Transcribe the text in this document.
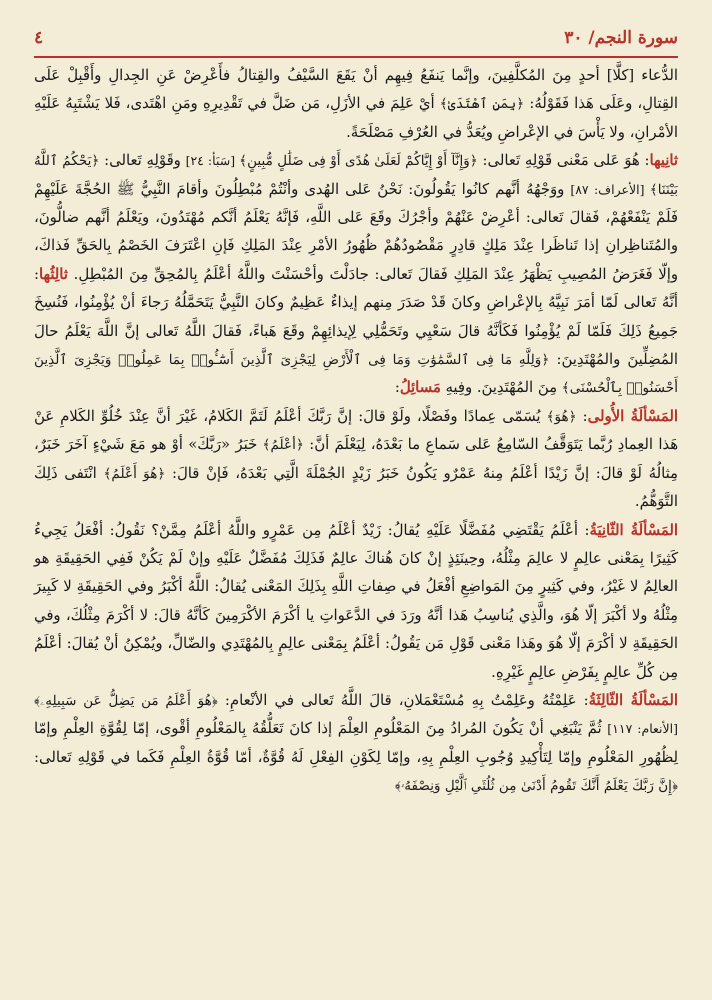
سورة النجم/ ٣٠
٤

الدُّعاء [كلَّا] أحدٍ مِنَ المُكلَّفِينَ، وإنَّما يَنفَعُ فِيهِم أنْ يَقَعَ السَّيْفُ والقِتالُ فأَعْرِضْ عَنِ الجِدالِ وأَقْبِلْ عَلَى القِتالِ، وعَلَى هَذا فَقَوْلُهُ: ﴿بِمَنِ ٱهْتَدَىٰ﴾ أيْ عَلِمَ في الأزَلِ، مَن ضَلَّ في تَقْدِيرِهِ ومَنِ اهْتَدى، فَلا يَشْتَبِهُ عَلَيْهِ الأمْرانِ، ولا يَأْسَ في الإعْراضِ ويُعَدُّ في العُرْفِ مَصْلَحَةً.

ثانِيها: هُوَ عَلى مَعْنى قَوْلِهِ تَعالى: ﴿وَإِنَّآ أَوْ إِيَّاكُمْ لَعَلَىٰ هُدًى أَوْ فِى ضَلَٰلٍ مُّبِينٍ﴾ [سَبَأ: ٢٤] وقَوْلِهِ تَعالى: ﴿يَحْكُمُ ٱللَّهُ بَيْنَنَا﴾ [الأعراف: ٨٧] ووَجْهُهُ أنَّهم كانُوا يَقُولُونَ: نَحْنُ عَلى الهُدى وأنْتُمْ مُبْطِلُونَ وأقامَ النَّبِيُّ ﷺ الحُجَّةَ عَلَيْهِمْ فَلَمْ يَنْفَعْهُمْ، فَقالَ تَعالى: أعْرِضْ عَنْهُمْ وأجْرُكَ وقَعَ عَلى اللَّهِ، فَإنَّهُ يَعْلَمُ أنَّكم مُهْتَدُونَ، ويَعْلَمُ أنَّهم ضالُّونَ، والمُتَناظِرانِ إذا تَناظَرا عِنْدَ مَلِكٍ قادِرٍ مَقْصُودُهُمْ ظُهُورُ الأمْرِ عِنْدَ المَلِكِ فَإنِ اعْتَرَفَ الخَصْمُ بِالحَقِّ فَذاكَ، وإلّا فَغَرَضُ المُصِيبِ يَظْهَرُ عِنْدَ المَلِكِ فَقالَ تَعالى: جادَلْتَ وأحْسَنْتَ واللَّهُ أعْلَمُ بِالمُحِقِّ مِنَ المُبْطِلِ. ثالِثُها: أنَّهُ تَعالى لَمّا أمَرَ نَبِيَّهُ بِالإعْراضِ وكانَ قَدْ صَدَرَ مِنهم إيذاءٌ عَظِيمٌ وكانَ النَّبِيُّ يَتَحَمَّلُهُ رَجاءَ أنْ يُؤْمِنُوا، فَنُسِخَ جَمِيعُ ذَلِكَ فَلَمّا لَمْ يُؤْمِنُوا فَكَأنَّهُ قالَ سَعْيِي وتَحَمُّلِي لِإيذائِهِمْ وقَعَ هَباءً، فَقالَ اللَّهُ تَعالى إنَّ اللَّهَ يَعْلَمُ حالَ المُضِلِّينَ والمُهْتَدِينَ: ﴿وَلِلَّهِ مَا فِى ٱلسَّمَٰوَٰتِ وَمَا فِى ٱلْأَرْضِ لِيَجْزِىَ ٱلَّذِينَ أَسَٰٓـُٔوا۟ بِمَا عَمِلُوا۟ وَيَجْزِىَ ٱلَّذِينَ أَحْسَنُوا۟ بِٱلْحُسْنَى﴾ مِنَ المُهْتَدِينَ. وفِيهِ مَسائِلُ:

المَسْألَةُ الأُولى: ﴿هُوَ﴾ يُسَمّى عِمادًا وفَصْلًا، ولَوْ قالَ: إنَّ رَبَّكَ أعْلَمُ لَتَمَّ الكَلامُ، غَيْرَ أنَّ عِنْدَ خُلُوِّ الكَلامِ عَنْ هَذا العِمادِ رُبَّما يَتَوَقَّفُ السّامِعُ عَلى سَماعِ ما بَعْدَهُ، لِيَعْلَمَ أنَّ: ﴿أعْلَمُ﴾ خَبَرُ «رَبَّكَ» أوْ هو مَعَ شَيْءٍ آخَرَ خَبَرٌ، مِثالُهُ لَوْ قالَ: إنَّ زَيْدًا أعْلَمُ مِنهُ عَمْرٌو يَكُونُ خَبَرُ زَيْدٍ الجُمْلَةَ الَّتِي بَعْدَهُ، فَإنْ قالَ: ﴿هُوَ أَعْلَمُ﴾ انْتَفى ذَلِكَ التَّوَهُّمُ.

المَسْألَةُ الثّانِيَةُ: أعْلَمُ يَقْتَضِي مُفَضَّلًا عَلَيْهِ يُقالُ: زَيْدٌ أعْلَمُ مِن عَمْرٍو واللَّهُ أعْلَمُ مِمَّنْ؟ نَقُولُ: أفْعَلُ يَجِيءُ كَثِيرًا بِمَعْنى عالِمٍ لا عالِمَ مِثْلُهُ، وحِينَئِذٍ إنْ كانَ هُناكَ عالِمٌ فَذَلِكَ مُفَضَّلٌ عَلَيْهِ وإنْ لَمْ يَكُنْ فَفِي الحَقِيقَةِ هو العالِمُ لا غَيْرُ، وفي كَثِيرٍ مِنَ المَواضِعِ أفْعَلُ في صِفاتِ اللَّهِ بِذَلِكَ المَعْنى يُقالُ: اللَّهُ أكْبَرُ وفي الحَقِيقَةِ لا كَبِيرَ مِثْلُهُ ولا أكْبَرَ إلّا هُوَ، والَّذِي يُناسِبُ هَذا أنَّهُ ورَدَ في الدَّعَواتِ يا أكْرَمَ الأكْرَمِينَ كَأنَّهُ قالَ: لا أكْرَمَ مِثْلُكَ، وفي الحَقِيقَةِ لا أكْرَمَ إلّا هُوَ وهَذا مَعْنى قَوْلِ مَن يَقُولُ: أعْلَمُ بِمَعْنى عالِمٍ بِالمُهْتَدِي والضّالِّ، ويُمْكِنُ أنْ يُقالَ: أعْلَمُ مِن كُلِّ عالِمٍ بِفَرْضِ عالِمٍ غَيْرِهِ.

المَسْألَةُ الثّالِثَةُ: عَلِمْتُهُ وعَلِمْتُ بِهِ مُسْتَعْمَلانِ، قالَ اللَّهُ تَعالى في الأنْعامِ: ﴿هُوَ أَعْلَمُ مَن يَضِلُّ عَن سَبِيلِهِۦ﴾ [الأنعام: ١١٧] ثُمَّ يَنْبَغِي أنْ يَكُونَ المُرادُ مِنَ المَعْلُومِ العِلْمَ إذا كانَ تَعَلُّقُهُ بِالمَعْلُومِ أقْوى، إمّا لِقُوَّةِ العِلْمِ وإمّا لِظُهُورِ المَعْلُومِ وإمّا لِتَأْكِيدِ وُجُوبِ العِلْمِ بِهِ، وإمّا لِكَوْنِ الفِعْلِ لَهُ قُوَّةٌ، أمّا قُوَّةُ العِلْمِ فَكَما في قَوْلِهِ تَعالى: ﴿إِنَّ رَبَّكَ يَعْلَمُ أَنَّكَ تَقُومُ أَدْنَىٰ مِن ثُلُثَىِ ٱلَّيْلِ وَنِصْفَهُۥ﴾
